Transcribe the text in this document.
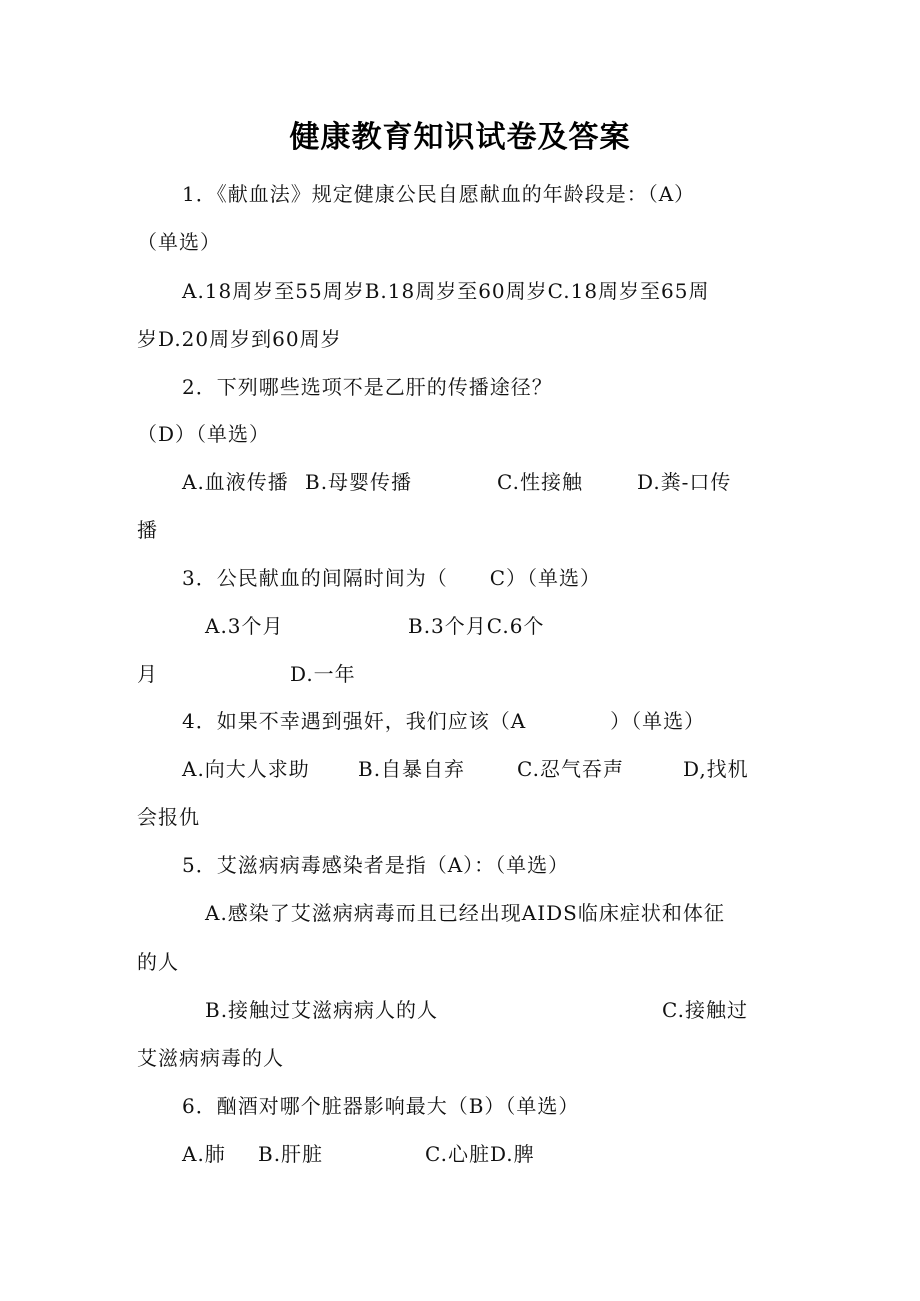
健康教育知识试卷及答案
1．《献血法》规定健康公民自愿献血的年龄段是：（A）
（单选）
A.18周岁至55周岁B.18周岁至60周岁C.18周岁至65周
岁D.20周岁到60周岁
2．下列哪些选项不是乙肝的传播途径？
（D）（单选）
A.血液传播 B.母婴传播	C.性接触	D.粪-口传
播
3．公民献血的间隔时间为（　　C）（单选）
A.3个月	B.3个月C.6个
月	D.一年
4．如果不幸遇到强奸，我们应该（A　　　　）（单选）
A.向大人求助 B.自暴自弃	C.忍气吞声	D,找机
会报仇
5．艾滋病病毒感染者是指（A）：（单选）
A.感染了艾滋病病毒而且已经出现AIDS临床症状和体征
的人
B.接触过艾滋病病人的人	C.接触过
艾滋病病毒的人
6．酗酒对哪个脏器影响最大（B）（单选）
A.肺 B.肝脏	C.心脏D.脾
